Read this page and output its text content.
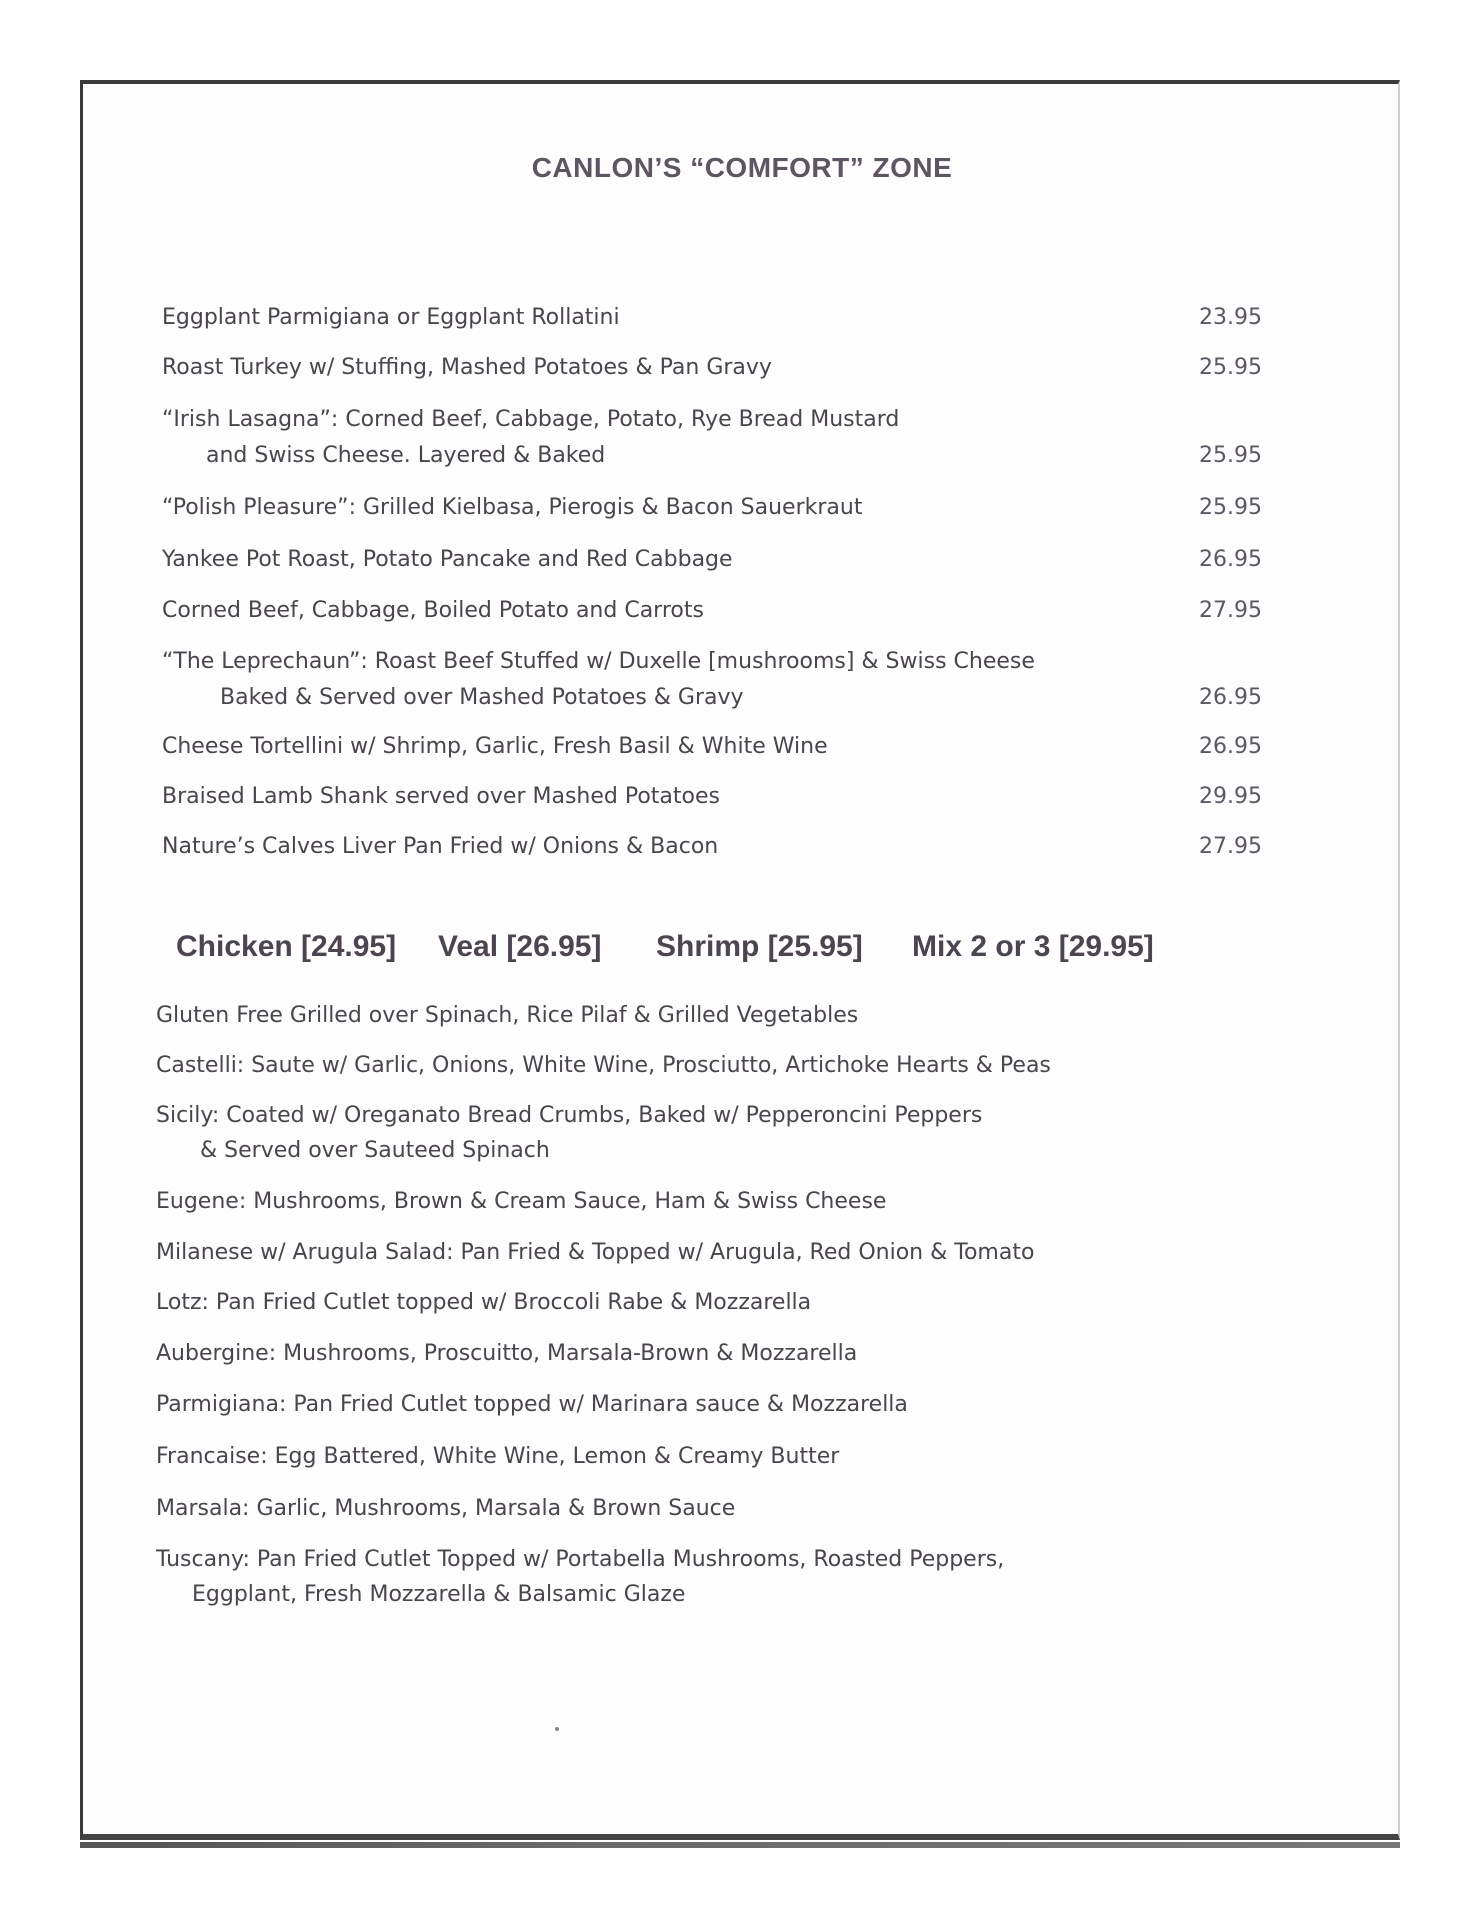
CANLON’S “COMFORT” ZONE
Eggplant Parmigiana or Eggplant Rollatini	23.95
Roast Turkey w/ Stuffing, Mashed Potatoes & Pan Gravy	25.95
“Irish Lasagna”: Corned Beef, Cabbage, Potato, Rye Bread Mustard
and Swiss Cheese. Layered & Baked	25.95
“Polish Pleasure”: Grilled Kielbasa, Pierogis & Bacon Sauerkraut	25.95
Yankee Pot Roast, Potato Pancake and Red Cabbage	26.95
Corned Beef, Cabbage, Boiled Potato and Carrots	27.95
“The Leprechaun”: Roast Beef Stuffed w/ Duxelle [mushrooms] & Swiss Cheese
Baked & Served over Mashed Potatoes & Gravy	26.95
Cheese Tortellini w/ Shrimp, Garlic, Fresh Basil & White Wine	26.95
Braised Lamb Shank served over Mashed Potatoes	29.95
Nature’s Calves Liver Pan Fried w/ Onions & Bacon	27.95
Chicken [24.95] Veal [26.95] Shrimp [25.95] Mix 2 or 3 [29.95]
Gluten Free Grilled over Spinach, Rice Pilaf & Grilled Vegetables
Castelli: Saute w/ Garlic, Onions, White Wine, Prosciutto, Artichoke Hearts & Peas
Sicily: Coated w/ Oreganato Bread Crumbs, Baked w/ Pepperoncini Peppers
& Served over Sauteed Spinach
Eugene: Mushrooms, Brown & Cream Sauce, Ham & Swiss Cheese
Milanese w/ Arugula Salad: Pan Fried & Topped w/ Arugula, Red Onion & Tomato
Lotz: Pan Fried Cutlet topped w/ Broccoli Rabe & Mozzarella
Aubergine: Mushrooms, Proscuitto, Marsala-Brown & Mozzarella
Parmigiana: Pan Fried Cutlet topped w/ Marinara sauce & Mozzarella
Francaise: Egg Battered, White Wine, Lemon & Creamy Butter
Marsala: Garlic, Mushrooms, Marsala & Brown Sauce
Tuscany: Pan Fried Cutlet Topped w/ Portabella Mushrooms, Roasted Peppers,
Eggplant, Fresh Mozzarella & Balsamic Glaze
